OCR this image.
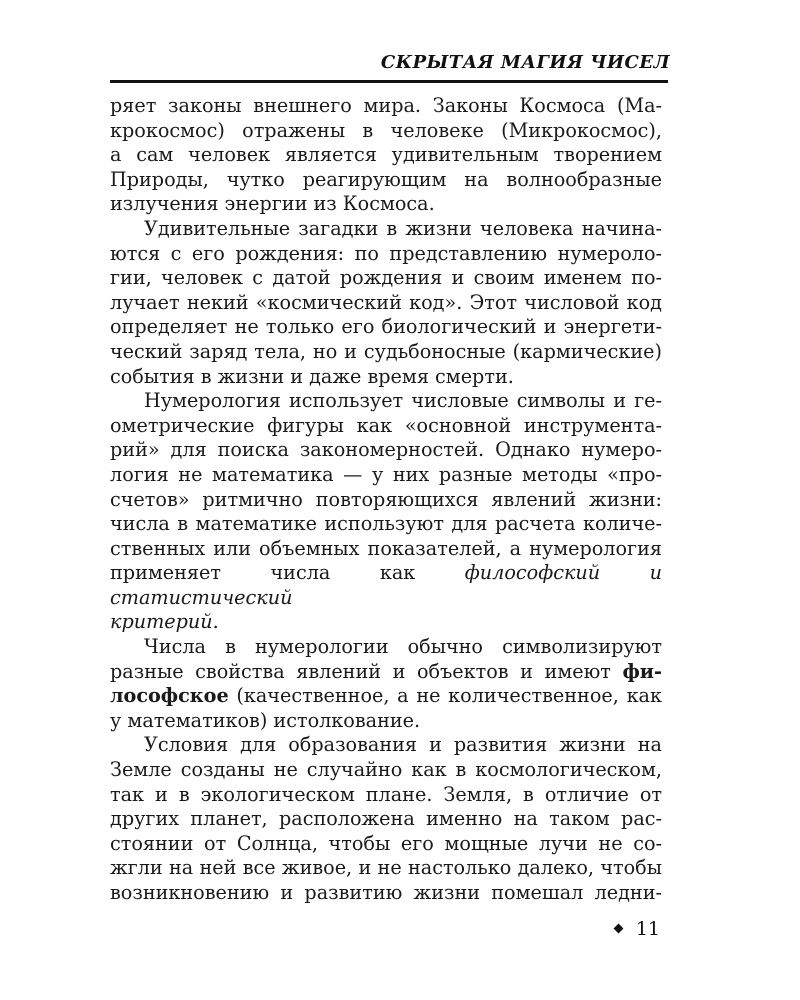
СКРЫТАЯ МАГИЯ ЧИСЕЛ

ряет законы внешнего мира. Законы Космоса (Ма-

крокосмос) отражены в человеке (Микрокосмос),

а сам человек является удивительным творением

Природы, чутко реагирующим на волнообразные

излучения энергии из Космоса.

Удивительные загадки в жизни человека начина-

ются с его рождения: по представлению нумероло-

гии, человек с датой рождения и своим именем по-

лучает некий «космический код». Этот числовой код

определяет не только его биологический и энергети-

ческий заряд тела, но и судьбоносные (кармические)

события в жизни и даже время смерти.

Нумерология использует числовые символы и ге-

ометрические фигуры как «основной инструмента-

рий» для поиска закономерностей. Однако нумеро-

логия не математика — у них разные методы «про-

счетов» ритмично повторяющихся явлений жизни:

числа в математике используют для расчета количе-

ственных или объемных показателей, а нумерология

применяет числа как философский и статистический

критерий.

Числа в нумерологии обычно символизируют

разные свойства явлений и объектов и имеют фи-

лософское (качественное, а не количественное, как

у математиков) истолкование.

Условия для образования и развития жизни на

Земле созданы не случайно как в космологическом,

так и в экологическом плане. Земля, в отличие от

других планет, расположена именно на таком рас-

стоянии от Солнца, чтобы его мощные лучи не со-

жгли на ней все живое, и не настолько далеко, чтобы

возникновению и развитию жизни помешал ледни-

11
